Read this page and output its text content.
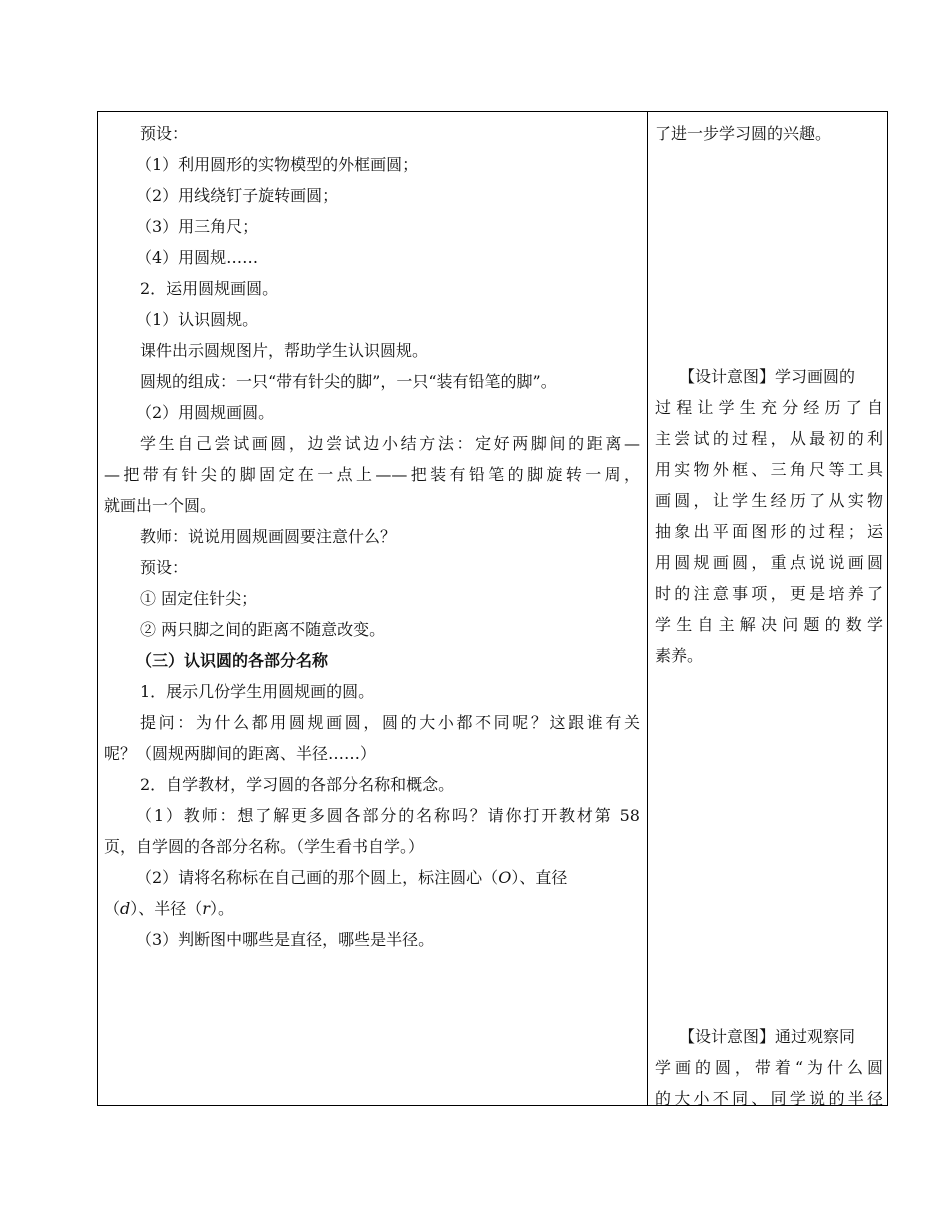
预设：
（1）利用圆形的实物模型的外框画圆；
（2）用线绕钉子旋转画圆；
（3）用三角尺；
（4）用圆规……
2．运用圆规画圆。
（1）认识圆规。
课件出示圆规图片，帮助学生认识圆规。
圆规的组成：一只“带有针尖的脚”，一只“装有铅笔的脚”。
（2）用圆规画圆。
学生自己尝试画圆，边尝试边小结方法：定好两脚间的距离—
—把带有针尖的脚固定在一点上——把装有铅笔的脚旋转一周，
就画出一个圆。
教师：说说用圆规画圆要注意什么？
预设：
① 固定住针尖；
② 两只脚之间的距离不随意改变。
（三）认识圆的各部分名称
1．展示几份学生用圆规画的圆。
提问：为什么都用圆规画圆，圆的大小都不同呢？这跟谁有关
呢？（圆规两脚间的距离、半径……）
2．自学教材，学习圆的各部分名称和概念。
（1）教师：想了解更多圆各部分的名称吗？请你打开教材第 58
页，自学圆的各部分名称。（学生看书自学。）
（2）请将名称标在自己画的那个圆上，标注圆心（O）、直径
（d）、半径（r）。
（3）判断图中哪些是直径，哪些是半径。
了进一步学习圆的兴趣。
【设计意图】学习画圆的
过程让学生充分经历了自
主尝试的过程，从最初的利
用实物外框、三角尺等工具
画圆，让学生经历了从实物
抽象出平面图形的过程；运
用圆规画圆，重点说说画圆
时的注意事项，更是培养了
学生自主解决问题的数学
素养。
【设计意图】通过观察同
学画的圆，带着“为什么圆
的大小不同、同学说的半径
